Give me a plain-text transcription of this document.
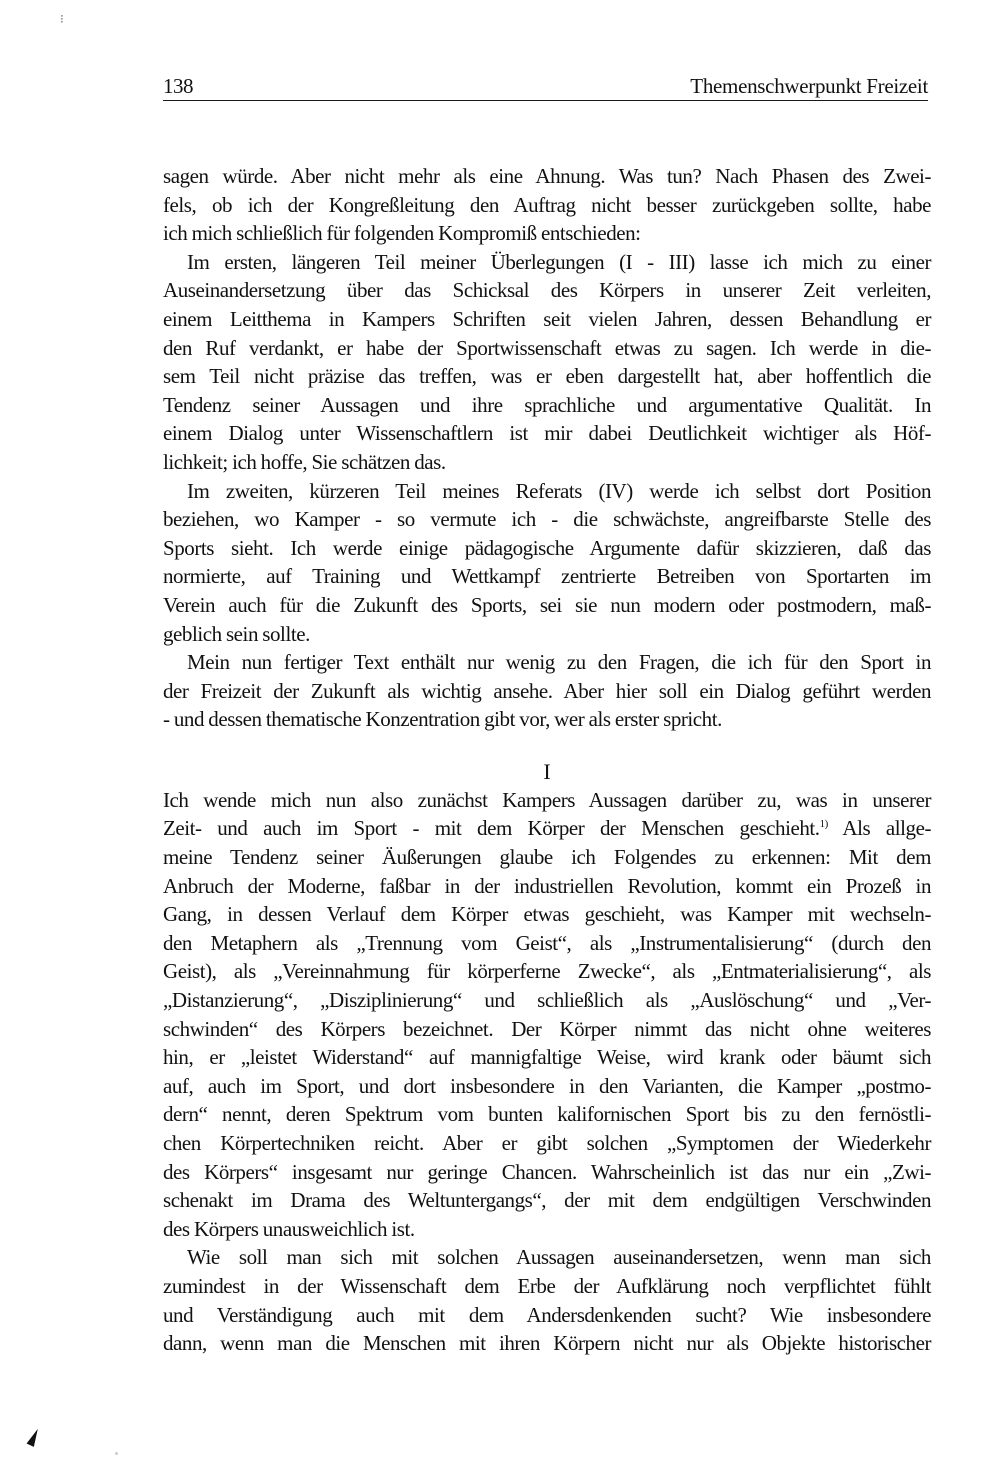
⁝
138	Themenschwerpunkt Freizeit
sagen würde. Aber nicht mehr als eine Ahnung. Was tun? Nach Phasen des Zwei-
fels, ob ich der Kongreßleitung den Auftrag nicht besser zurückgeben sollte, habe
ich mich schließlich für folgenden Kompromiß entschieden:
Im ersten, längeren Teil meiner Überlegungen (I - III) lasse ich mich zu einer
Auseinandersetzung über das Schicksal des Körpers in unserer Zeit verleiten,
einem Leitthema in Kampers Schriften seit vielen Jahren, dessen Behandlung er
den Ruf verdankt, er habe der Sportwissenschaft etwas zu sagen. Ich werde in die-
sem Teil nicht präzise das treffen, was er eben dargestellt hat, aber hoffentlich die
Tendenz seiner Aussagen und ihre sprachliche und argumentative Qualität. In
einem Dialog unter Wissenschaftlern ist mir dabei Deutlichkeit wichtiger als Höf-
lichkeit; ich hoffe, Sie schätzen das.
Im zweiten, kürzeren Teil meines Referats (IV) werde ich selbst dort Position
beziehen, wo Kamper - so vermute ich - die schwächste, angreifbarste Stelle des
Sports sieht. Ich werde einige pädagogische Argumente dafür skizzieren, daß das
normierte, auf Training und Wettkampf zentrierte Betreiben von Sportarten im
Verein auch für die Zukunft des Sports, sei sie nun modern oder postmodern, maß-
geblich sein sollte.
Mein nun fertiger Text enthält nur wenig zu den Fragen, die ich für den Sport in
der Freizeit der Zukunft als wichtig ansehe. Aber hier soll ein Dialog geführt werden
- und dessen thematische Konzentration gibt vor, wer als erster spricht.
I
Ich wende mich nun also zunächst Kampers Aussagen darüber zu, was in unserer
Zeit- und auch im Sport - mit dem Körper der Menschen geschieht.$^{1)}$ Als allge-
meine Tendenz seiner Äußerungen glaube ich Folgendes zu erkennen: Mit dem
Anbruch der Moderne, faßbar in der industriellen Revolution, kommt ein Prozeß in
Gang, in dessen Verlauf dem Körper etwas geschieht, was Kamper mit wechseln-
den Metaphern als „Trennung vom Geist“, als „Instrumentalisierung“ (durch den
Geist), als „Vereinnahmung für körperferne Zwecke“, als „Entmaterialisierung“, als
„Distanzierung“, „Disziplinierung“ und schließlich als „Auslöschung“ und „Ver-
schwinden“ des Körpers bezeichnet. Der Körper nimmt das nicht ohne weiteres
hin, er „leistet Widerstand“ auf mannigfaltige Weise, wird krank oder bäumt sich
auf, auch im Sport, und dort insbesondere in den Varianten, die Kamper „postmo-
dern“ nennt, deren Spektrum vom bunten kalifornischen Sport bis zu den fernöstli-
chen Körpertechniken reicht. Aber er gibt solchen „Symptomen der Wiederkehr
des Körpers“ insgesamt nur geringe Chancen. Wahrscheinlich ist das nur ein „Zwi-
schenakt im Drama des Weltuntergangs“, der mit dem endgültigen Verschwinden
des Körpers unausweichlich ist.
Wie soll man sich mit solchen Aussagen auseinandersetzen, wenn man sich
zumindest in der Wissenschaft dem Erbe der Aufklärung noch verpflichtet fühlt
und Verständigung auch mit dem Andersdenkenden sucht? Wie insbesondere
dann, wenn man die Menschen mit ihren Körpern nicht nur als Objekte historischer
